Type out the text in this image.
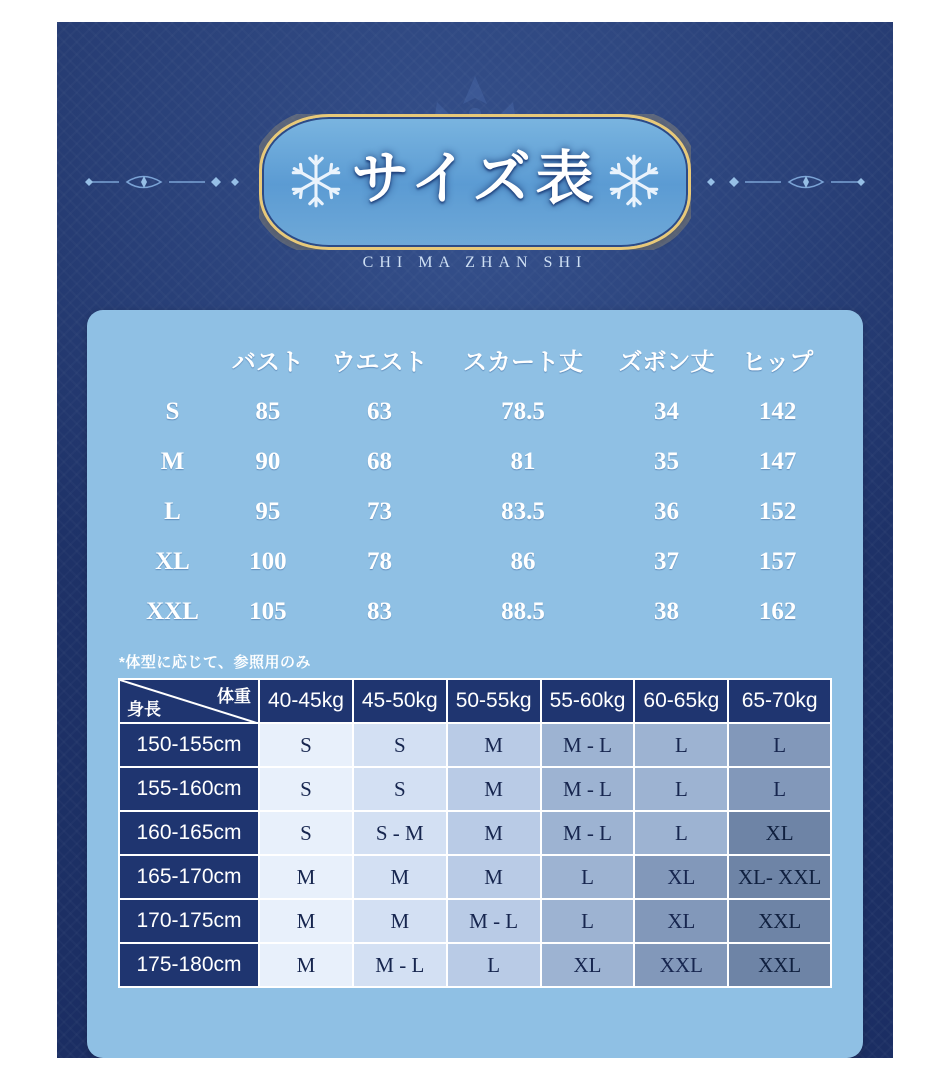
サイズ表
CHI MA ZHAN SHI
	バスト	ウエスト	スカート丈	ズボン丈	ヒップ
S	85	63	78.5	34	142
M	90	68	81	35	147
L	95	73	83.5	36	152
XL	100	78	86	37	157
XXL	105	83	88.5	38	162
*体型に応じて、参照用のみ
体重
身長	40-45kg	45-50kg	50-55kg	55-60kg	60-65kg	65-70kg
150-155cm	S	S	M	M - L	L	L
155-160cm	S	S	M	M - L	L	L
160-165cm	S	S - M	M	M - L	L	XL
165-170cm	M	M	M	L	XL	XL- XXL
170-175cm	M	M	M - L	L	XL	XXL
175-180cm	M	M - L	L	XL	XXL	XXL
